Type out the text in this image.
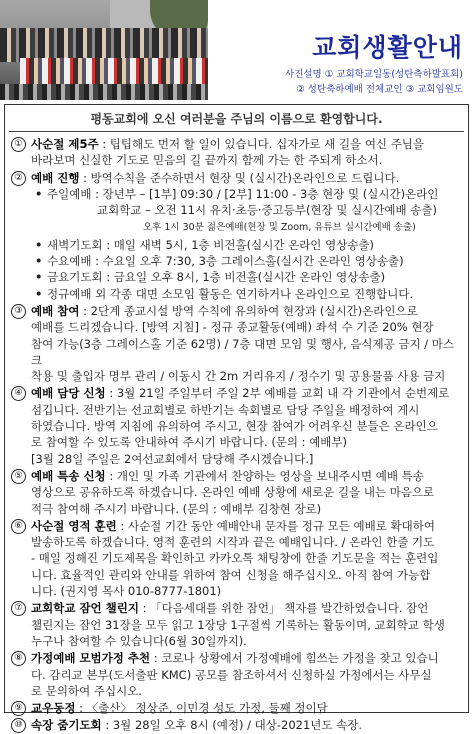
교회생활안내
사진설명 ① 교회학교일동(성탄축하발표회)
② 성탄축하예배 전체교인 ③ 교회임원도
평동교회에 오신 여러분을 주님의 이름으로 환영합니다.
① 사순절 제5주 : 팁팁해도 먼저 할 일이 있습니다. 십자가로 새 길을 여신 주님을
바라보며 신실한 기도로 믿음의 길 끝까지 함께 가는 한 주되게 하소서.
② 예배 진행 : 방역수칙을 준수하면서 현장 및 (실시간)온라인으로 드립니다.
• 주일예배 : 장년부 – [1부] 09:30 / [2부] 11:00 - 3층 현장 및 (실시간)온라인
교회학교 – 오전 11시 유치·초등·중고등부(현장 및 실시간예배 송출)
오후 1시 30분 젊은예배(현장 및 Zoom, 유튜브 실시간예배 송출)
• 새벽기도회 : 매일 새벽 5시, 1층 비전홀(실시간 온라인 영상송출)
• 수요예배 : 수요일 오후 7:30, 3층 그레이스홀(실시간 온라인 영상송출)
• 금요기도회 : 금요일 오후 8시, 1층 비전홀(실시간 온라인 영상송출)
• 정규예배 외 각종 대면 소모임 활동은 연기하거나 온라인으로 진행합니다.
③ 예배 참여 : 2단계 종교시설 방역 수칙에 유의하여 현장과 (실시간)온라인으로
예배를 드리겠습니다. [방역 지침] - 정규 종교활동(예배) 좌석 수 기준 20% 현장
참여 가능(3층 그레이스홀 기준 62명) / 7층 대면 모임 및 행사, 음식제공 금지 / 마스크
착용 및 출입자 명부 관리 / 이동시 간 2m 거리유지 / 정수기 및 공용물품 사용 금지
④ 예배 담당 신청 : 3월 21일 주일부터 주일 2부 예배를 교회 내 각 기관에서 순번제로
섬깁니다. 전반기는 선교회별로 하반기는 속회별로 담당 주일을 배정하여 게시
하였습니다. 방역 지침에 유의하여 주시고, 현장 참여가 어려우신 분들은 온라인으
로 참여할 수 있도록 안내하여 주시기 바랍니다. (문의 : 예배부)
[3월 28일 주일은 2여선교회에서 담당해 주시겠습니다.]
⑤ 예배 특송 신청 : 개인 및 가족 기관에서 찬양하는 영상을 보내주시면 예배 특송
영상으로 공유하도록 하겠습니다. 온라인 예배 상황에 새로운 길을 내는 마음으로
적극 참여해 주시기 바랍니다. (문의 : 예배부 김창현 장로)
⑥ 사순절 영적 훈련 : 사순절 기간 동안 예배안내 문자를 정규 모든 예배로 확대하여
발송하도록 하겠습니다. 영적 훈련의 시작과 끝은 예배입니다. / 온라인 한줄 기도
- 매일 정해진 기도제목을 확인하고 카카오톡 채팅창에 한줄 기도문을 적는 훈련입
니다. 효율적인 관리와 안내를 위하여 참여 신청을 해주십시오. 아직 참여 가능합
니다. (권지영 목사 010-8777-1801)
⑦ 교회학교 잠언 챌린지 : 「다음세대를 위한 잠언」 책자를 발간하였습니다. 잠언
챌린지는 잠언 31장을 모두 읽고 1장당 1구절씩 기록하는 활동이며, 교회학교 학생
누구나 참여할 수 있습니다(6월 30일까지).
⑧ 가정예배 모범가정 추천 : 코로나 상황에서 가정예배에 힘쓰는 가정을 찾고 있습니
다. 감리교 본부(도서출판 KMC) 공모를 참조하셔서 신청하실 가정에서는 사무실
로 문의하여 주십시오.
⑨ 교우동정 : 〈출산〉 정상준, 이민경 성도 가정, 둘째 정이담
⑩ 속장 줌기도회 : 3월 28일 오후 8시 (예정) / 대상-2021년도 속장.
